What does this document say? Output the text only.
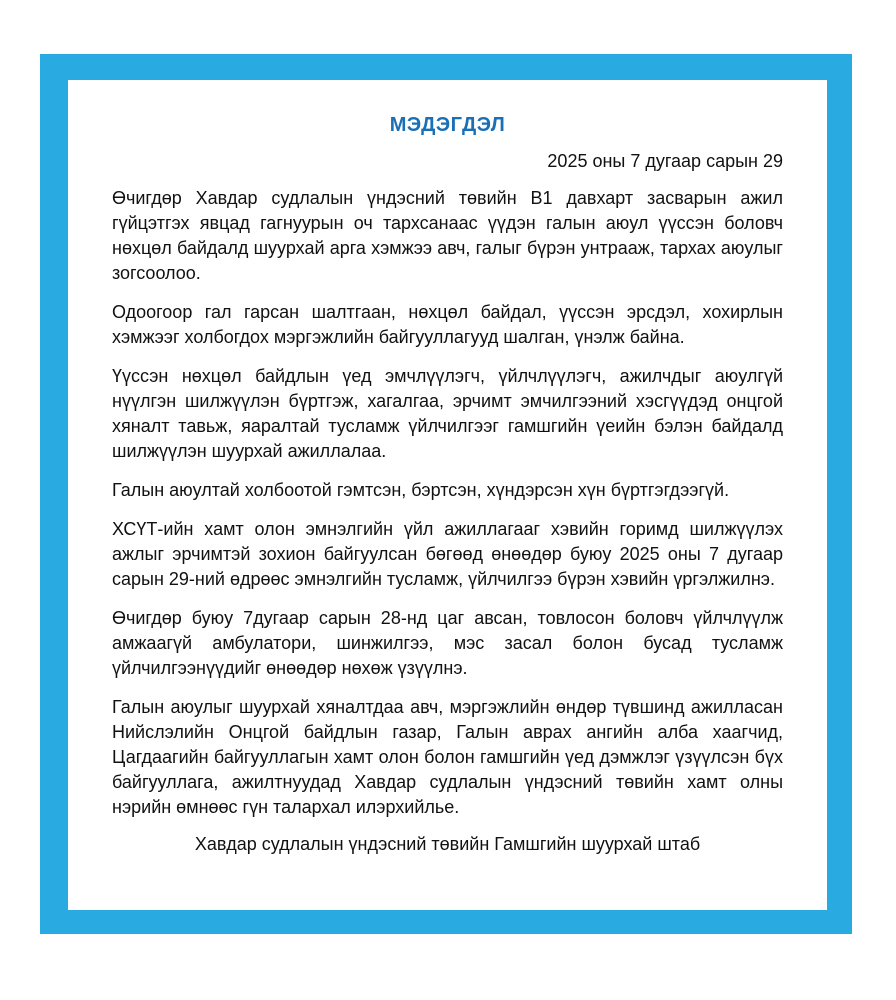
МЭДЭГДЭЛ
2025 оны 7 дугаар сарын 29

Өчигдөр Хавдар судлалын үндэсний төвийн В1 давхарт засварын ажил гүйцэтгэх явцад гагнуурын оч тархсанаас үүдэн галын аюул үүссэн боловч нөхцөл байдалд шуурхай арга хэмжээ авч, галыг бүрэн унтрааж, тархах аюулыг зогсоолоо.

Одоогоор гал гарсан шалтгаан, нөхцөл байдал, үүссэн эрсдэл, хохирлын хэмжээг холбогдох мэргэжлийн байгууллагууд шалган, үнэлж байна.

Үүссэн нөхцөл байдлын үед эмчлүүлэгч, үйлчлүүлэгч, ажилчдыг аюулгүй нүүлгэн шилжүүлэн бүртгэж, хагалгаа, эрчимт эмчилгээний хэсгүүдэд онцгой хяналт тавьж, яаралтай тусламж үйлчилгээг гамшгийн үеийн бэлэн байдалд шилжүүлэн шуурхай ажиллалаа.

Галын аюултай холбоотой гэмтсэн, бэртсэн, хүндэрсэн хүн бүртгэгдээгүй.

ХСҮТ-ийн хамт олон эмнэлгийн үйл ажиллагааг хэвийн горимд шилжүүлэх ажлыг эрчимтэй зохион байгуулсан бөгөөд өнөөдөр буюу 2025 оны 7 дугаар сарын 29-ний өдрөөс эмнэлгийн тусламж, үйлчилгээ бүрэн хэвийн үргэлжилнэ.

Өчигдөр буюу 7дугаар сарын 28-нд цаг авсан, товлосон боловч үйлчлүүлж амжаагүй амбулатори, шинжилгээ, мэс засал болон бусад тусламж үйлчилгээнүүдийг өнөөдөр нөхөж үзүүлнэ.

Галын аюулыг шуурхай хяналтдаа авч, мэргэжлийн өндөр түвшинд ажилласан Нийслэлийн Онцгой байдлын газар, Галын аврах ангийн алба хаагчид, Цагдаагийн байгууллагын хамт олон болон гамшгийн үед дэмжлэг үзүүлсэн бүх байгууллага, ажилтнуудад Хавдар судлалын үндэсний төвийн хамт олны нэрийн өмнөөс гүн талархал илэрхийлье.

Хавдар судлалын үндэсний төвийн Гамшгийн шуурхай штаб
